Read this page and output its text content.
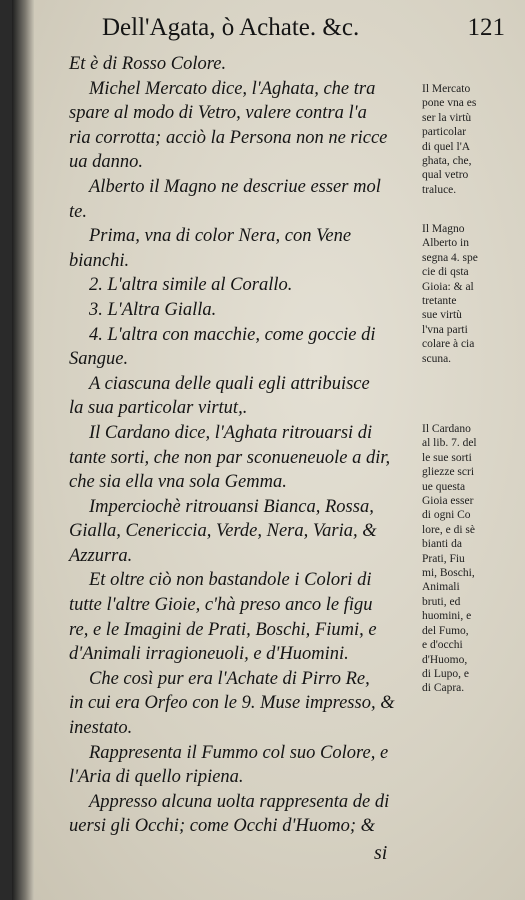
Dell'Agata, ò Achate. &c.	121

Et è di Rosso Colore.

Michel Mercato dice, l'Aghata, che tra

spare al modo di Vetro, valere contra l'a

ria corrotta; acciò la Persona non ne ricce

ua danno.

Alberto il Magno ne descriue esser mol

te.

Prima, vna di color Nera, con Vene

bianchi.

2. L'altra simile al Corallo.

3. L'Altra Gialla.

4. L'altra con macchie, come goccie di

Sangue.

A ciascuna delle quali egli attribuisce

la sua particolar virtut,.

Il Cardano dice, l'Aghata ritrouarsi di

tante sorti, che non par sconueneuole a dir,

che sia ella vna sola Gemma.

Imperciochè ritrouansi Bianca, Rossa,

Gialla, Cenericcia, Verde, Nera, Varia, &

Azzurra.

Et oltre ciò non bastandole i Colori di

tutte l'altre Gioie, c'hà preso anco le figu

re, e le Imagini de Prati, Boschi, Fiumi, e

d'Animali irragioneuoli, e d'Huomini.

Che così pur era l'Achate di Pirro Re,

in cui era Orfeo con le 9. Muse impresso, &

inestato.

Rappresenta il Fummo col suo Colore, e

l'Aria di quello ripiena.

Appresso alcuna uolta rappresenta de di

uersi gli Occhi; come Occhi d'Huomo; &

Il Mercato
pone vna es
ser la virtù
particolar
di quel l'A
ghata, che,
qual vetro
traluce.
Il Magno
Alberto in
segna 4. spe
cie di qsta
Gioia: & al
tretante
sue virtù
l'vna parti
colare à cia
scuna.
Il Cardano
al lib. 7. del
le sue sorti
gliezze scri
ue questa
Gioia esser
di ogni Co
lore, e di sè
bianti da
Prati, Fiu
mi, Boschi,
Animali
bruti, ed
huomini, e
del Fumo,
e d'occhi
d'Huomo,
di Lupo, e
di Capra.
si
